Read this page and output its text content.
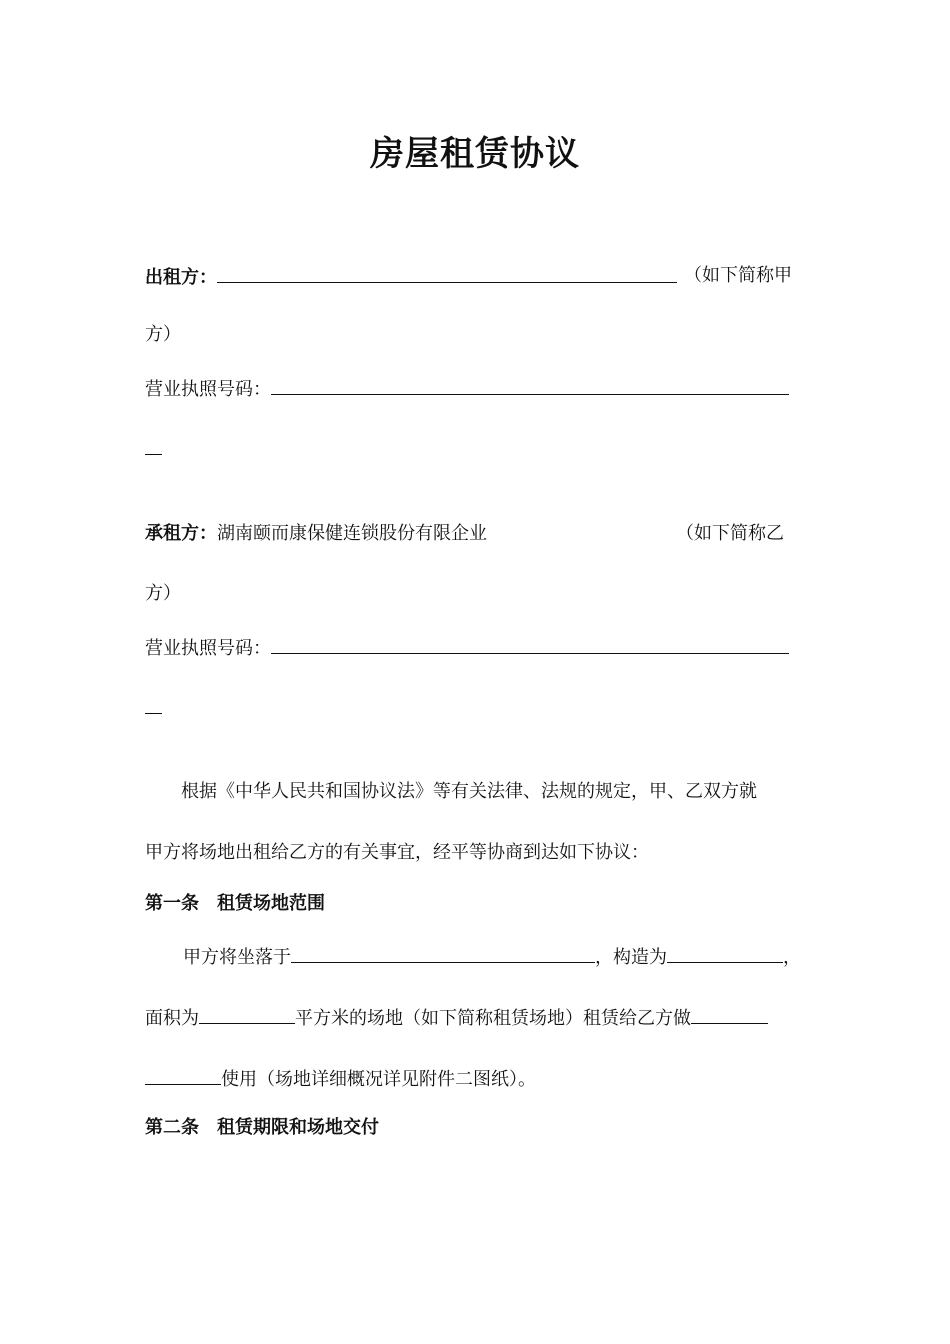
房屋租赁协议
出租方：	（如下简称甲
方）
营业执照号码：
承租方：湖南颐而康保健连锁股份有限企业	（如下简称乙
方）
营业执照号码：
根据《中华人民共和国协议法》等有关法律、法规的规定，甲、乙双方就
甲方将场地出租给乙方的有关事宜，经平等协商到达如下协议：
第一条　租赁场地范围
甲方将坐落于	，构造为	，
面积为	平方米的场地（如下简称租赁场地）租赁给乙方做
使用（场地详细概况详见附件二图纸）。
第二条　租赁期限和场地交付
